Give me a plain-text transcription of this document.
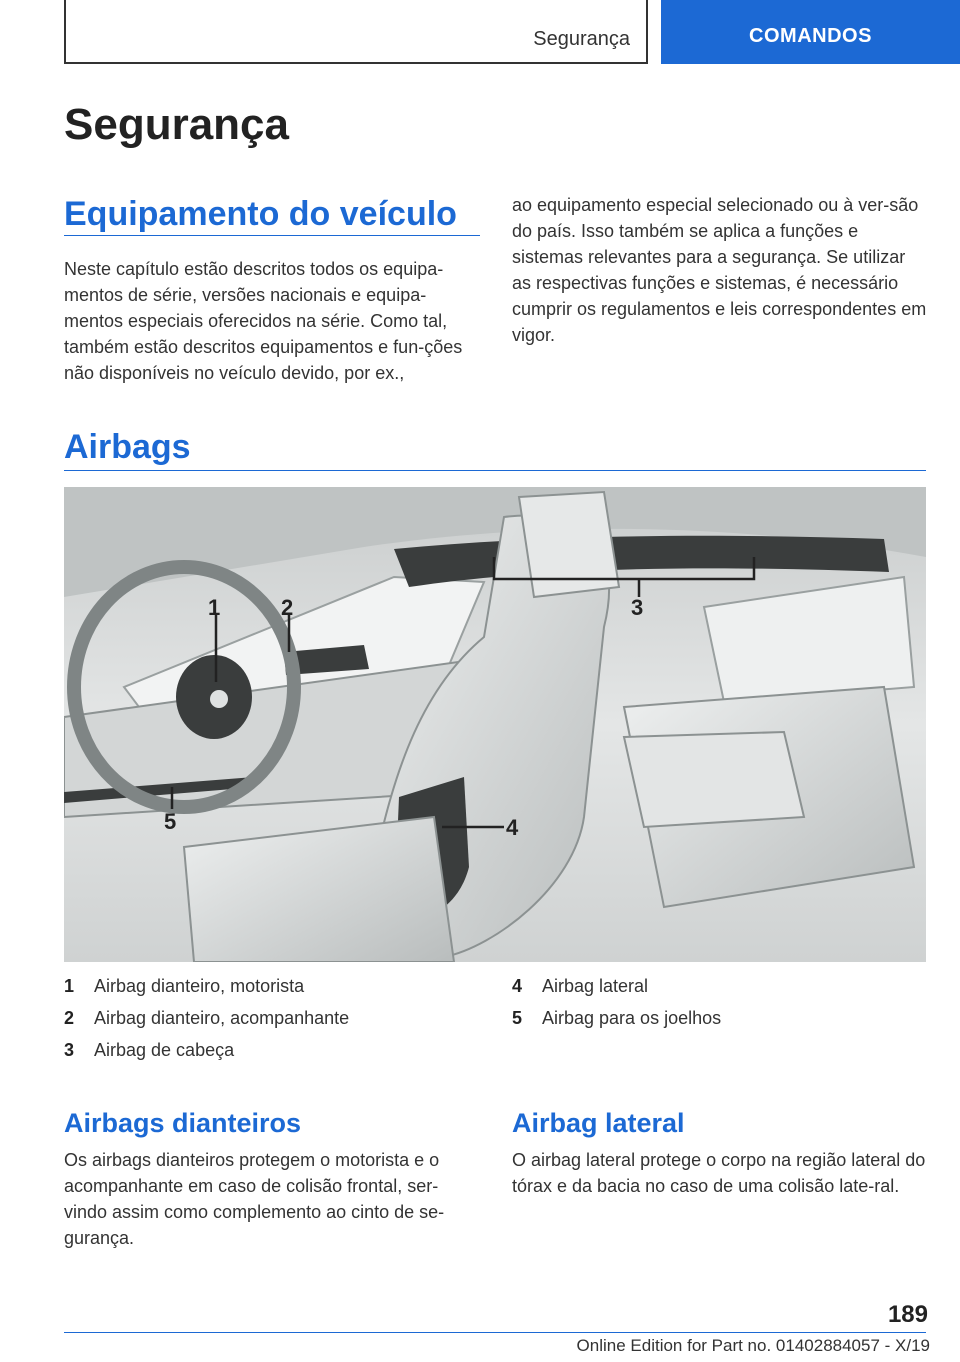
Segurança	COMANDOS
Segurança
Equipamento do veículo

Neste capítulo estão descritos todos os equipa-mentos de série, versões nacionais e equipa-mentos especiais oferecidos na série. Como tal, também estão descritos equipamentos e fun-ções não disponíveis no veículo devido, por ex.,

ao equipamento especial selecionado ou à ver-são do país. Isso também se aplica a funções e sistemas relevantes para a segurança. Se utilizar as respectivas funções e sistemas, é necessário cumprir os regulamentos e leis correspondentes em vigor.

Airbags
1	2	3
4
5
1	Airbag dianteiro, motorista
2	Airbag dianteiro, acompanhante
3	Airbag de cabeça
4	Airbag lateral
5	Airbag para os joelhos
Airbags dianteiros

Os airbags dianteiros protegem o motorista e o acompanhante em caso de colisão frontal, ser-vindo assim como complemento ao cinto de se-gurança.

Airbag lateral

O airbag lateral protege o corpo na região lateral do tórax e da bacia no caso de uma colisão late-ral.

189
Online Edition for Part no. 01402884057 - X/19
